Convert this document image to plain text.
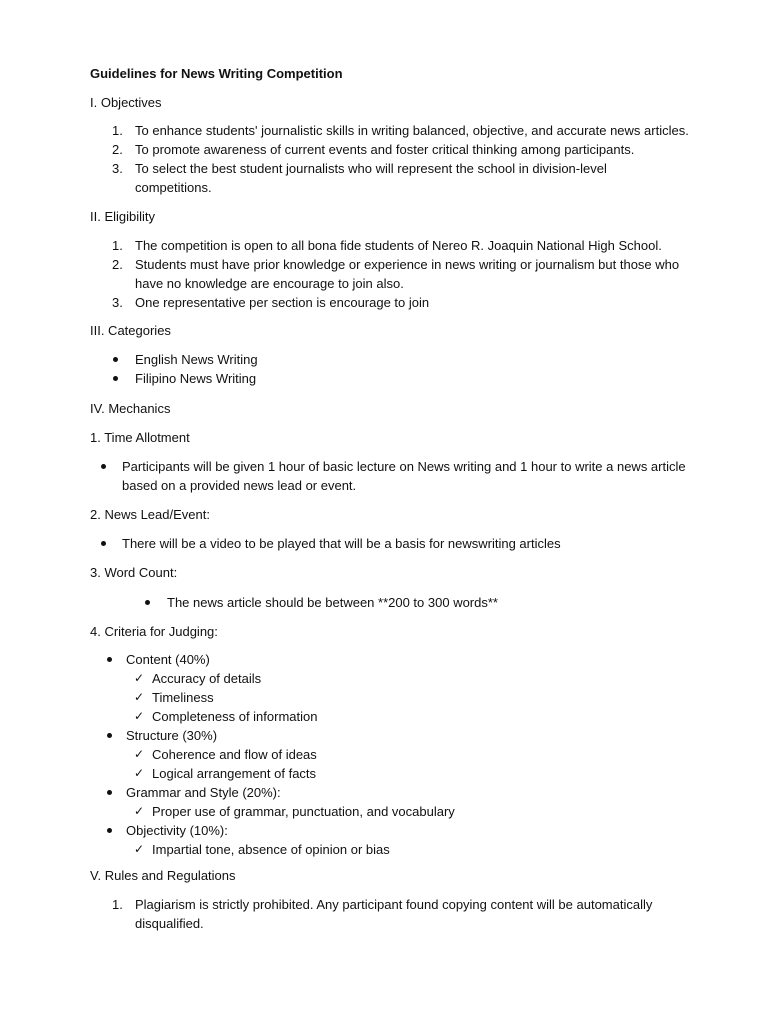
Guidelines for News Writing Competition
I. Objectives
1. To enhance students' journalistic skills in writing balanced, objective, and accurate news articles.
2. To promote awareness of current events and foster critical thinking among participants.
3. To select the best student journalists who will represent the school in division-level competitions.
II. Eligibility
1. The competition is open to all bona fide students of Nereo R. Joaquin National High School.
2. Students must have prior knowledge or experience in news writing or journalism but those who have no knowledge are encourage to join also.
3. One representative per section is encourage to join
III. Categories
English News Writing
Filipino News Writing
IV. Mechanics
1. Time Allotment
Participants will be given 1 hour of basic lecture on News writing and 1 hour to write a news article based on a provided news lead or event.
2. News Lead/Event:
There will be a video to be played that will be a basis for newswriting articles
3. Word Count:
The news article should be between **200 to 300 words**
4. Criteria for Judging:
Content (40%)
✓ Accuracy of details
✓ Timeliness
✓ Completeness of information
Structure (30%)
✓ Coherence and flow of ideas
✓ Logical arrangement of facts
Grammar and Style (20%):
✓ Proper use of grammar, punctuation, and vocabulary
Objectivity (10%):
✓ Impartial tone, absence of opinion or bias
V. Rules and Regulations
1. Plagiarism is strictly prohibited. Any participant found copying content will be automatically disqualified.
